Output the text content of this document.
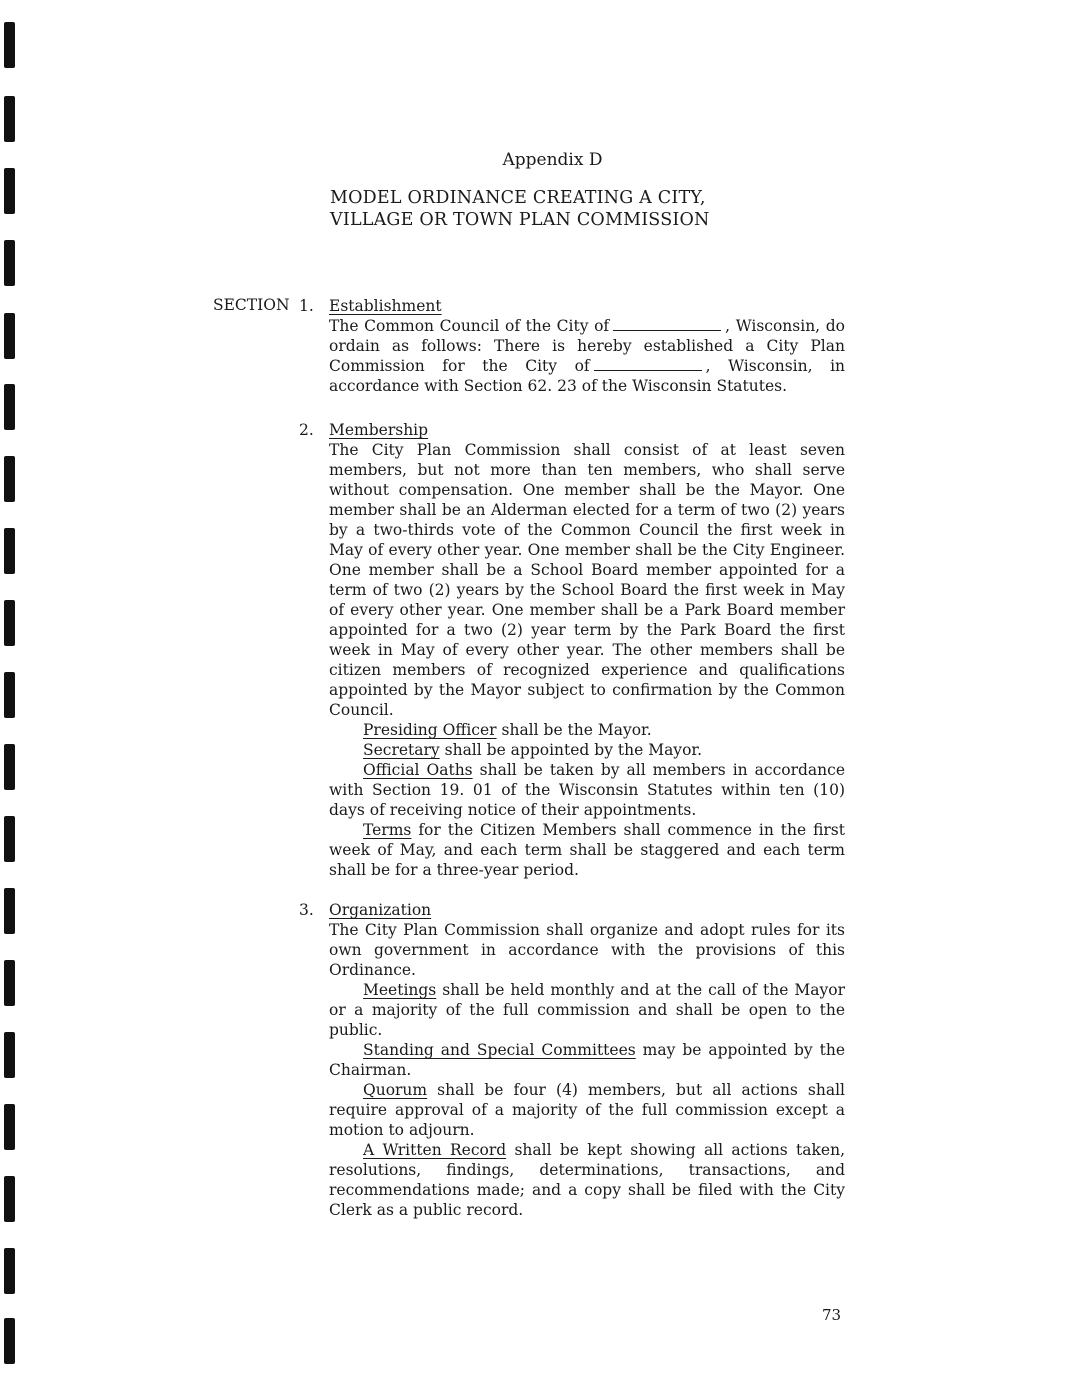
Appendix D
MODEL ORDINANCE CREATING A CITY,
VILLAGE OR TOWN PLAN COMMISSION
SECTION 1. Establishment

The Common Council of the City of	, Wisconsin, do ordain as follows: There is hereby established a City Plan Commission for the City of	, Wisconsin, in accordance with Section 62. 23 of the Wisconsin Statutes.

2. Membership

The City Plan Commission shall consist of at least seven members, but not more than ten members, who shall serve without compensation. One member shall be the Mayor. One member shall be an Alderman elected for a term of two (2) years by a two-thirds vote of the Common Council the first week in May of every other year. One member shall be the City Engineer. One member shall be a School Board member appointed for a term of two (2) years by the School Board the first week in May of every other year. One member shall be a Park Board member appointed for a two (2) year term by the Park Board the first week in May of every other year. The other members shall be citizen members of recognized experience and qualifications appointed by the Mayor subject to confirmation by the Common Council.

Presiding Officer shall be the Mayor.

Secretary shall be appointed by the Mayor.

Official Oaths shall be taken by all members in accordance with Section 19. 01 of the Wisconsin Statutes within ten (10) days of receiving notice of their appointments.

Terms for the Citizen Members shall commence in the first week of May, and each term shall be staggered and each term shall be for a three-year period.

3. Organization

The City Plan Commission shall organize and adopt rules for its own government in accordance with the provisions of this Ordinance.

Meetings shall be held monthly and at the call of the Mayor or a majority of the full commission and shall be open to the public.

Standing and Special Committees may be appointed by the Chairman.

Quorum shall be four (4) members, but all actions shall require approval of a majority of the full commission except a motion to adjourn.

A Written Record shall be kept showing all actions taken, resolutions, findings, determinations, transactions, and recommendations made; and a copy shall be filed with the City Clerk as a public record.

73
